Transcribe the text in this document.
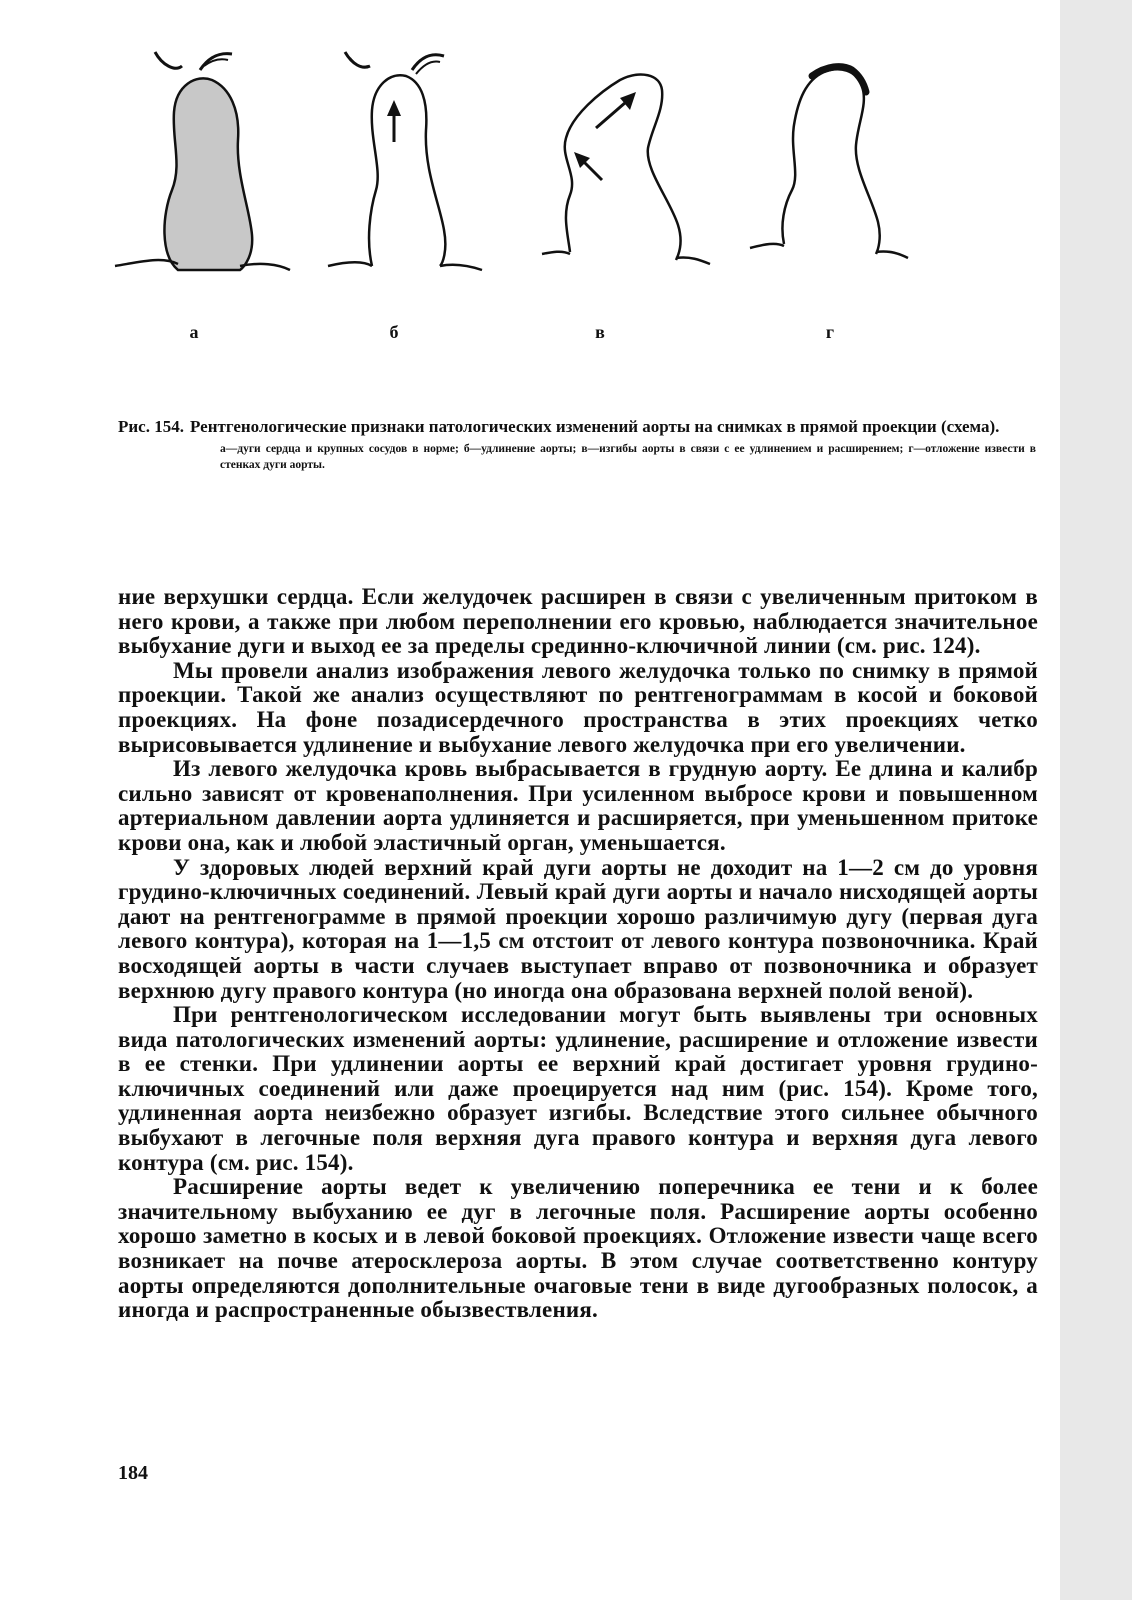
а	б	в	г
Рис. 154. Рентгенологические признаки патологических изменений аорты на снимках в прямой проекции (схема).
а—дуги сердца и крупных сосудов в норме; б—удлинение аорты; в—изгибы аорты в связи с ее удлинением и расширением; г—отложение извести в стенках дуги аорты.

ние верхушки сердца. Если желудочек расширен в связи с увеличенным притоком в него крови, а также при любом переполнении его кровью, наблюдается значительное выбухание дуги и выход ее за пределы срединно-ключичной линии (см. рис. 124).

Мы провели анализ изображения левого желудочка только по снимку в прямой проекции. Такой же анализ осуществляют по рентгенограммам в косой и боковой проекциях. На фоне позадисердечного пространства в этих проекциях четко вырисовывается удлинение и выбухание левого желудочка при его увеличении.

Из левого желудочка кровь выбрасывается в грудную аорту. Ее длина и калибр сильно зависят от кровенаполнения. При усиленном выбросе крови и повышенном артериальном давлении аорта удлиняется и расширяется, при уменьшенном притоке крови она, как и любой эластичный орган, уменьшается.

У здоровых людей верхний край дуги аорты не доходит на 1—2 см до уровня грудино-ключичных соединений. Левый край дуги аорты и начало нисходящей аорты дают на рентгенограмме в прямой проекции хорошо различимую дугу (первая дуга левого контура), которая на 1—1,5 см отстоит от левого контура позвоночника. Край восходящей аорты в части случаев выступает вправо от позвоночника и образует верхнюю дугу правого контура (но иногда она образована верхней полой веной).

При рентгенологическом исследовании могут быть выявлены три основных вида патологических изменений аорты: удлинение, расширение и отложение извести в ее стенки. При удлинении аорты ее верхний край достигает уровня грудино-ключичных соединений или даже проецируется над ним (рис. 154). Кроме того, удлиненная аорта неизбежно образует изгибы. Вследствие этого сильнее обычного выбухают в легочные поля верхняя дуга правого контура и верхняя дуга левого контура (см. рис. 154).

Расширение аорты ведет к увеличению поперечника ее тени и к более значительному выбуханию ее дуг в легочные поля. Расширение аорты особенно хорошо заметно в косых и в левой боковой проекциях. Отложение извести чаще всего возникает на почве атеросклероза аорты. В этом случае соответственно контуру аорты определяются дополнительные очаговые тени в виде дугообразных полосок, а иногда и распространенные обызвествления.

184
